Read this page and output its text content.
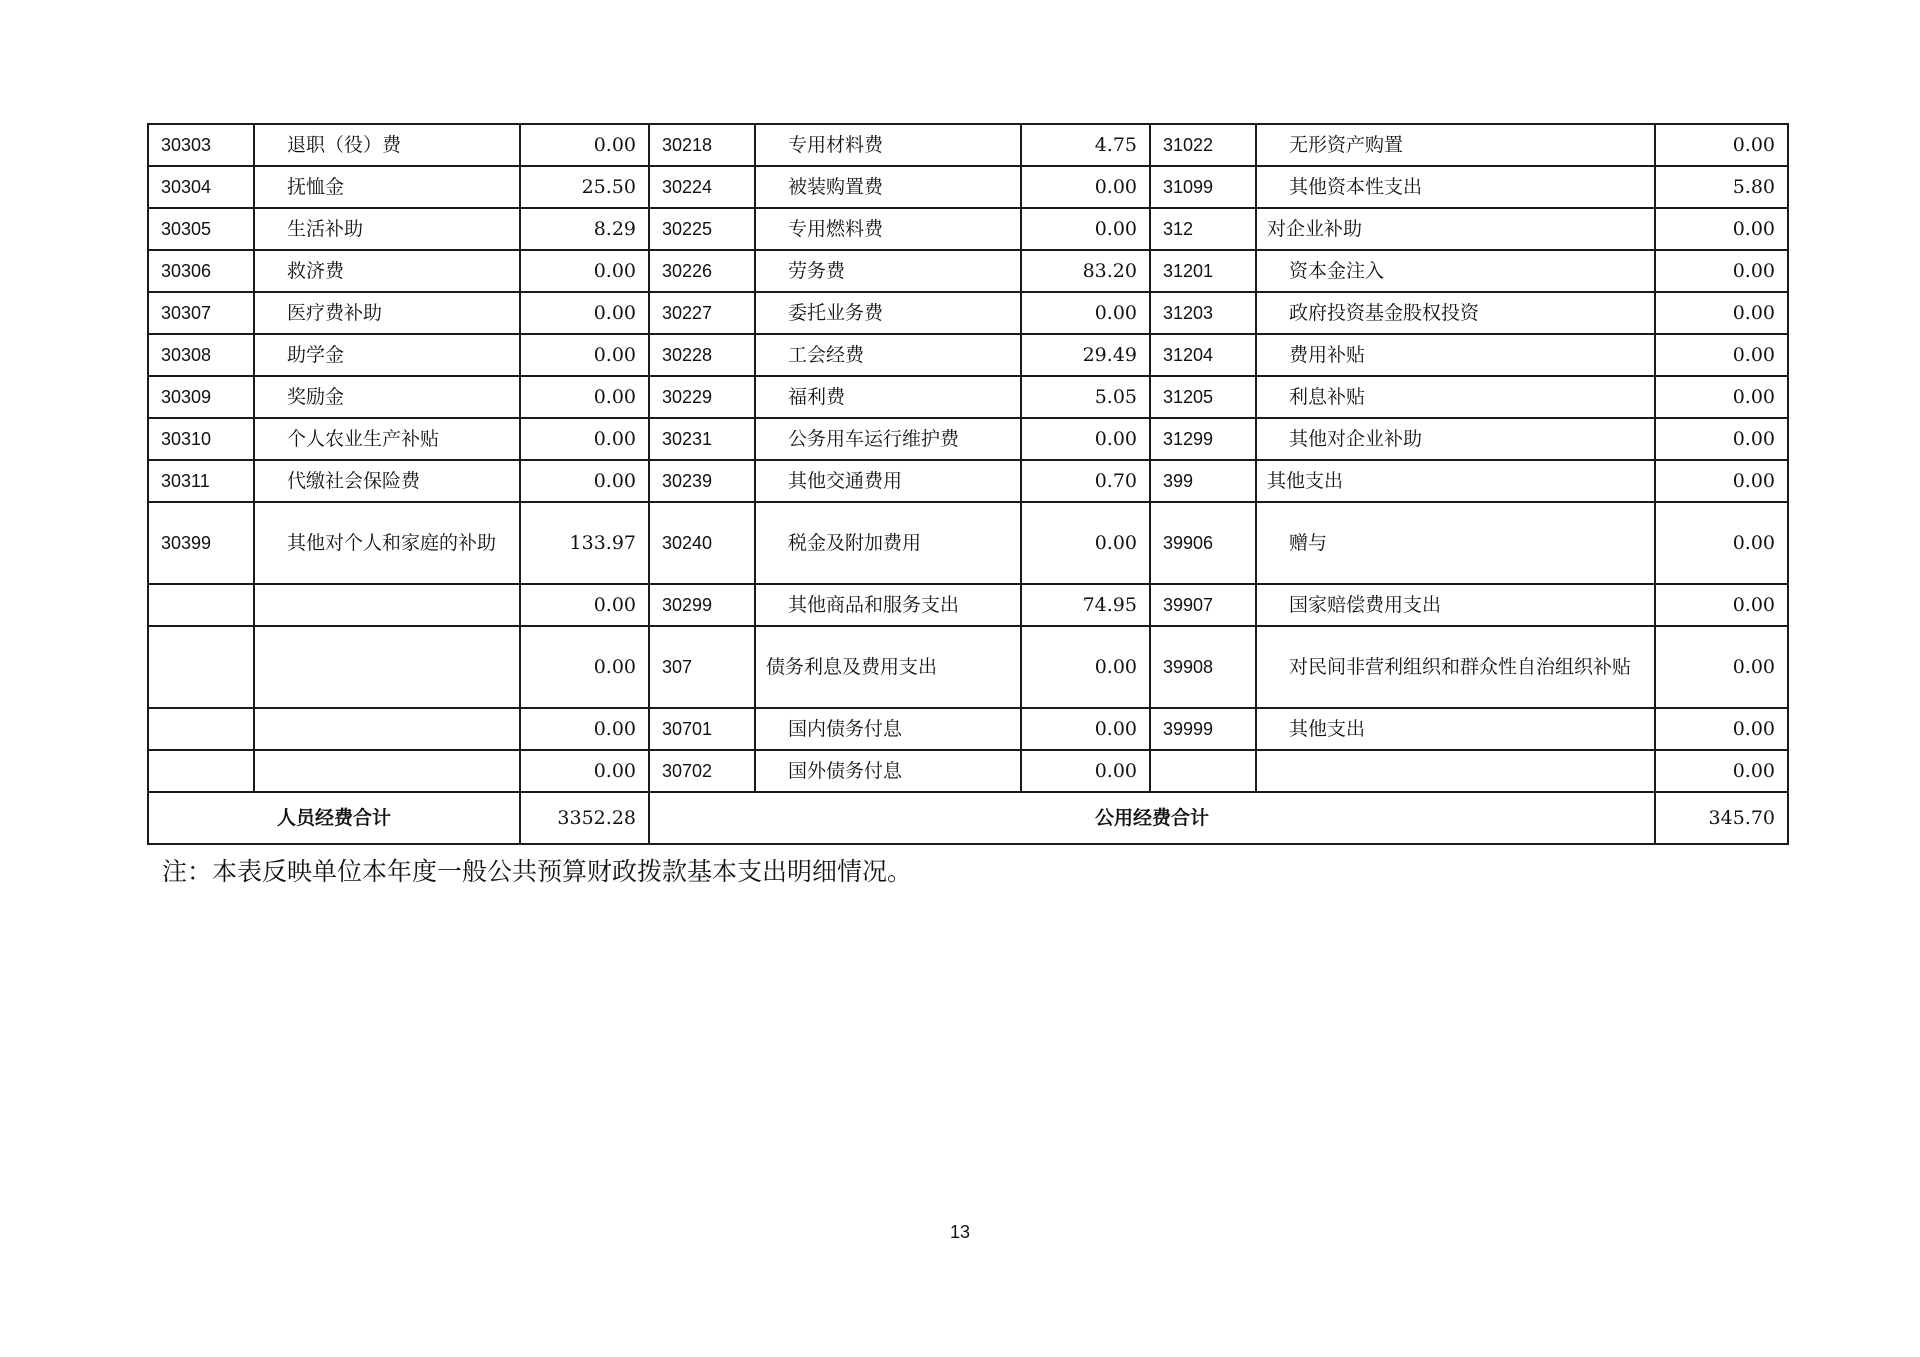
30303	退职（役）费	0.00	30218	专用材料费	4.75	31022	无形资产购置	0.00
30304	抚恤金	25.50	30224	被装购置费	0.00	31099	其他资本性支出	5.80
30305	生活补助	8.29	30225	专用燃料费	0.00	312	对企业补助	0.00
30306	救济费	0.00	30226	劳务费	83.20	31201	资本金注入	0.00
30307	医疗费补助	0.00	30227	委托业务费	0.00	31203	政府投资基金股权投资	0.00
30308	助学金	0.00	30228	工会经费	29.49	31204	费用补贴	0.00
30309	奖励金	0.00	30229	福利费	5.05	31205	利息补贴	0.00
30310	个人农业生产补贴	0.00	30231	公务用车运行维护费	0.00	31299	其他对企业补助	0.00
30311	代缴社会保险费	0.00	30239	其他交通费用	0.70	399	其他支出	0.00
30399	其他对个人和家庭的补助	133.97	30240	税金及附加费用	0.00	39906	赠与	0.00
		0.00	30299	其他商品和服务支出	74.95	39907	国家赔偿费用支出	0.00
		0.00	307	债务利息及费用支出	0.00	39908	对民间非营利组织和群众性自治组织补贴	0.00
		0.00	30701	国内债务付息	0.00	39999	其他支出	0.00
		0.00	30702	国外债务付息	0.00			0.00
人员经费合计		3352.28	公用经费合计					345.70
注：本表反映单位本年度一般公共预算财政拨款基本支出明细情况。
13
